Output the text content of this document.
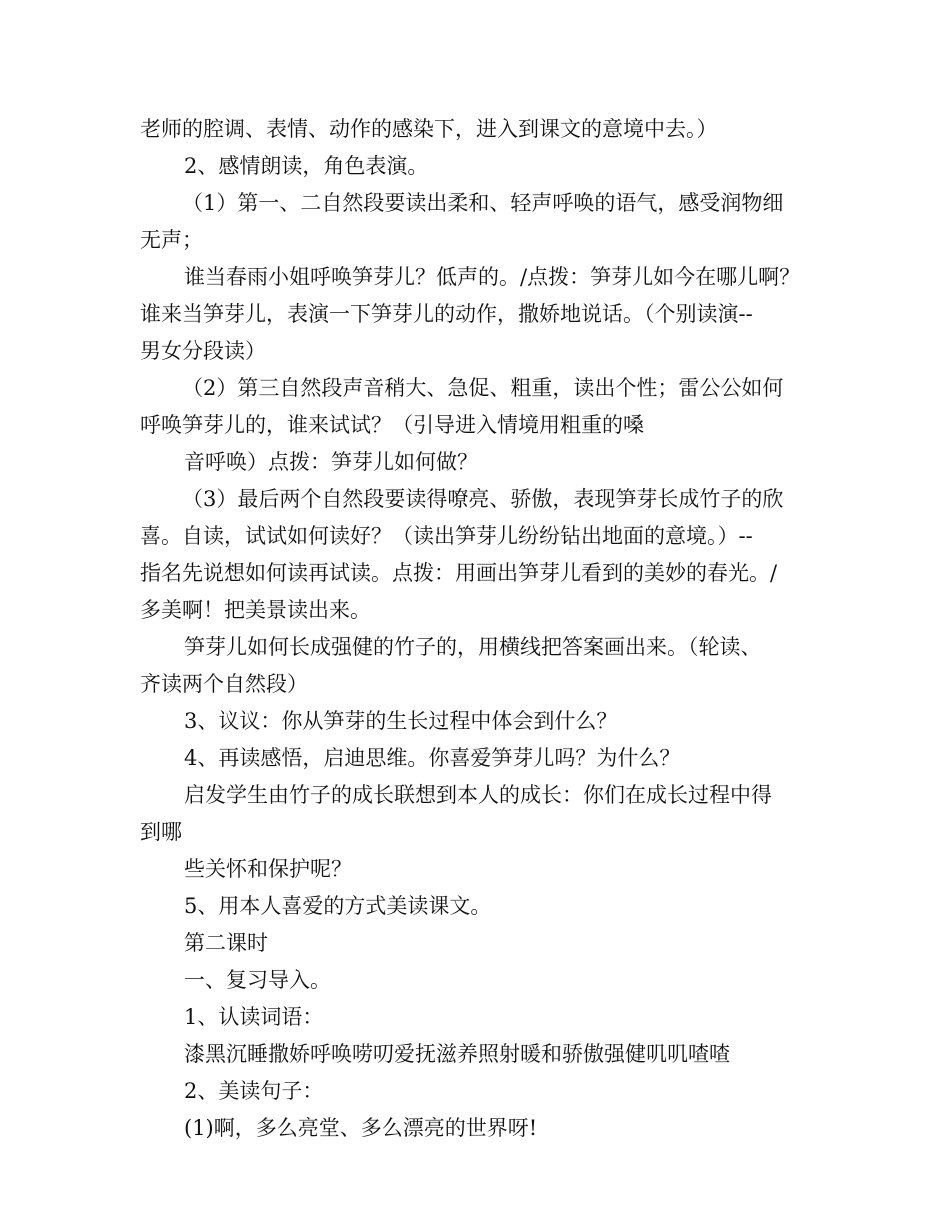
老师的腔调、表情、动作的感染下，进入到课文的意境中去。）

2、感情朗读，角色表演。

（1）第一、二自然段要读出柔和、轻声呼唤的语气，感受润物细

无声；

谁当春雨小姐呼唤笋芽儿？低声的。/点拨：笋芽儿如今在哪儿啊？

谁来当笋芽儿，表演一下笋芽儿的动作，撒娇地说话。（个别读演--

男女分段读）

（2）第三自然段声音稍大、急促、粗重，读出个性；雷公公如何

呼唤笋芽儿的，谁来试试？（引导进入情境用粗重的嗓

音呼唤）点拨：笋芽儿如何做？

（3）最后两个自然段要读得嘹亮、骄傲，表现笋芽长成竹子的欣

喜。自读，试试如何读好？（读出笋芽儿纷纷钻出地面的意境。）--

指名先说想如何读再试读。点拨：用画出笋芽儿看到的美妙的春光。/

多美啊！把美景读出来。

笋芽儿如何长成强健的竹子的，用横线把答案画出来。（轮读、

齐读两个自然段）

3、议议：你从笋芽的生长过程中体会到什么？

4、再读感悟，启迪思维。你喜爱笋芽儿吗？为什么？

启发学生由竹子的成长联想到本人的成长：你们在成长过程中得

到哪

些关怀和保护呢？

5、用本人喜爱的方式美读课文。

第二课时

一、复习导入。

1、认读词语：

漆黑沉睡撒娇呼唤唠叨爱抚滋养照射暖和骄傲强健叽叽喳喳

2、美读句子：

(1)啊，多么亮堂、多么漂亮的世界呀!
